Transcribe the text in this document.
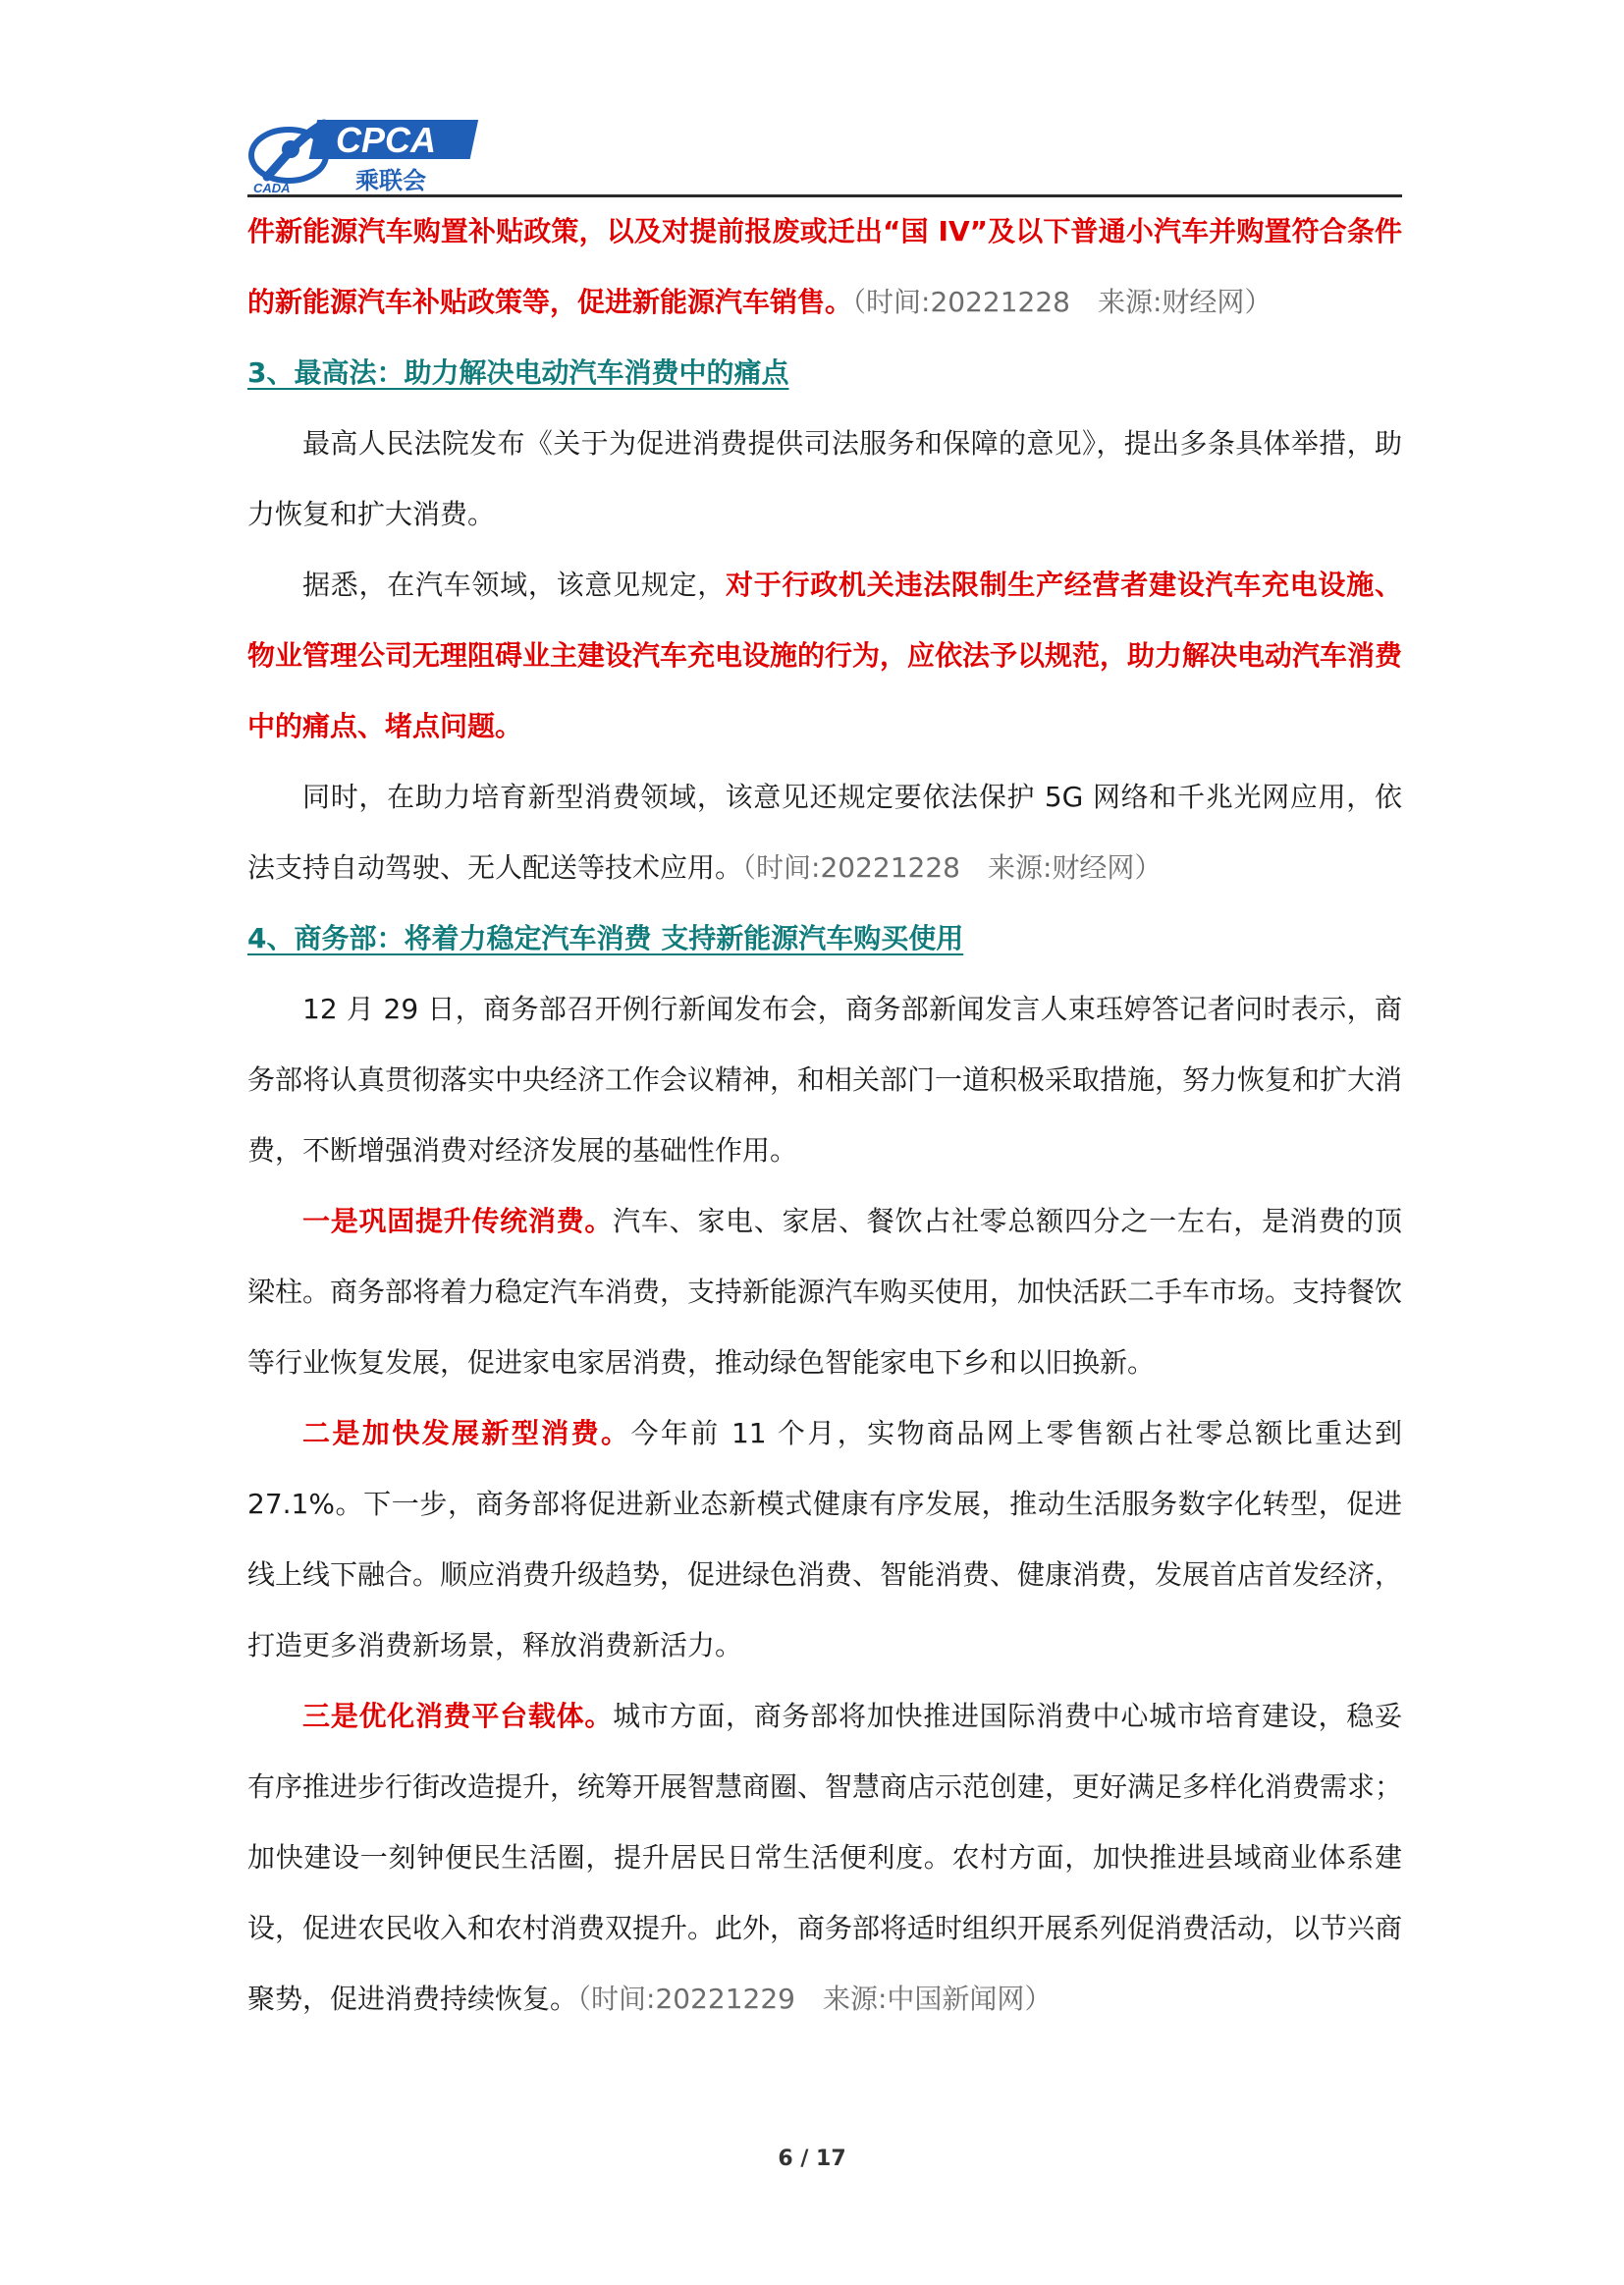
CADA
CPCA
乘联会

件新能源汽车购置补贴政策，以及对提前报废或迁出“国 IV”及以下普通小汽车并购置符合条件的新能源汽车补贴政策等，促进新能源汽车销售。（时间:20221228　来源:财经网）

3、最高法：助力解决电动汽车消费中的痛点

最高人民法院发布《关于为促进消费提供司法服务和保障的意见》，提出多条具体举措，助力恢复和扩大消费。

据悉，在汽车领域，该意见规定，对于行政机关违法限制生产经营者建设汽车充电设施、物业管理公司无理阻碍业主建设汽车充电设施的行为，应依法予以规范，助力解决电动汽车消费中的痛点、堵点问题。

同时，在助力培育新型消费领域，该意见还规定要依法保护 5G 网络和千兆光网应用，依法支持自动驾驶、无人配送等技术应用。（时间:20221228　来源:财经网）

4、商务部：将着力稳定汽车消费 支持新能源汽车购买使用

12 月 29 日，商务部召开例行新闻发布会，商务部新闻发言人束珏婷答记者问时表示，商务部将认真贯彻落实中央经济工作会议精神，和相关部门一道积极采取措施，努力恢复和扩大消费，不断增强消费对经济发展的基础性作用。

一是巩固提升传统消费。汽车、家电、家居、餐饮占社零总额四分之一左右，是消费的顶梁柱。商务部将着力稳定汽车消费，支持新能源汽车购买使用，加快活跃二手车市场。支持餐饮等行业恢复发展，促进家电家居消费，推动绿色智能家电下乡和以旧换新。

二是加快发展新型消费。今年前 11 个月，实物商品网上零售额占社零总额比重达到 27.1%。下一步，商务部将促进新业态新模式健康有序发展，推动生活服务数字化转型，促进线上线下融合。顺应消费升级趋势，促进绿色消费、智能消费、健康消费，发展首店首发经济，打造更多消费新场景，释放消费新活力。

三是优化消费平台载体。城市方面，商务部将加快推进国际消费中心城市培育建设，稳妥有序推进步行街改造提升，统筹开展智慧商圈、智慧商店示范创建，更好满足多样化消费需求；加快建设一刻钟便民生活圈，提升居民日常生活便利度。农村方面，加快推进县域商业体系建设，促进农民收入和农村消费双提升。此外，商务部将适时组织开展系列促消费活动，以节兴商聚势，促进消费持续恢复。（时间:20221229　来源:中国新闻网）

6 / 17
